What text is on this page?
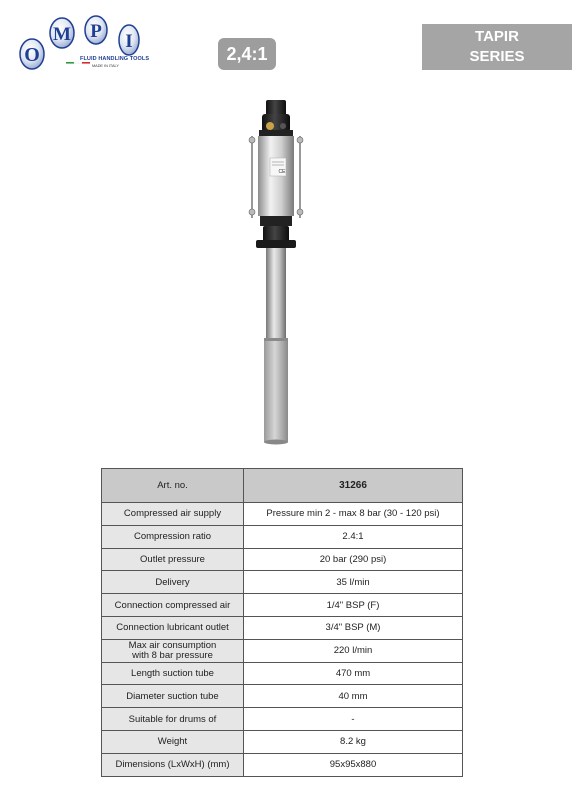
O
M P I
FLUID HANDLING TOOLS
MADE IN ITALY
2,4:1
TAPIR
SERIES
CE
Art. no.	31266
Compressed air supply	Pressure min 2 - max 8 bar (30 - 120 psi)
Compression ratio	2.4:1
Outlet pressure	20 bar (290 psi)
Delivery	35 l/min
Connection compressed air	1/4" BSP (F)
Connection lubricant outlet	3/4" BSP (M)
Max air consumption
with 8 bar pressure	220 l/min
Length suction tube	470 mm
Diameter suction tube	40 mm
Suitable for drums of	-
Weight	8.2 kg
Dimensions (LxWxH) (mm)	95x95x880
